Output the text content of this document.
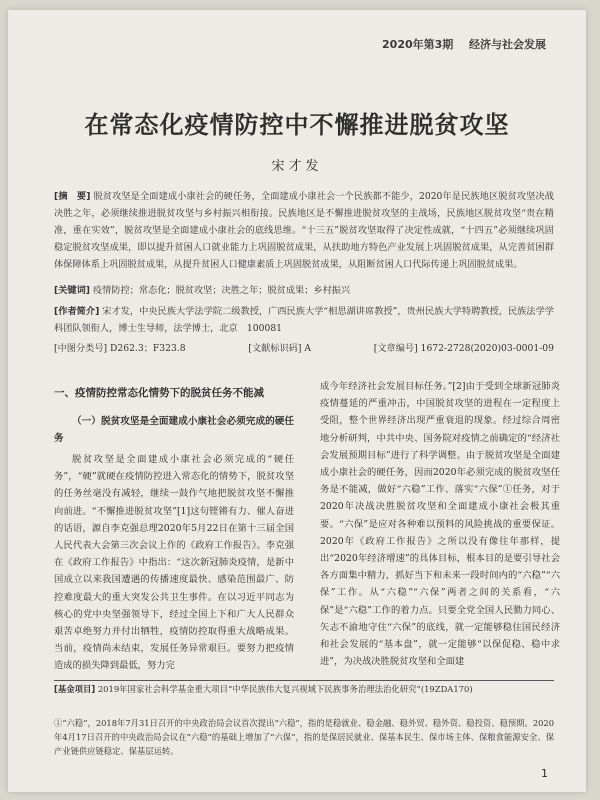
2020年第3期 经济与社会发展
在常态化疫情防控中不懈推进脱贫攻坚
宋才发
[摘　要] 脱贫攻坚是全面建成小康社会的硬任务，全面建成小康社会一个民族都不能少，2020年是民族地区脱贫攻坚决战决胜之年，必须继续推进脱贫攻坚与乡村振兴相衔接。民族地区是不懈推进脱贫攻坚的主战场，民族地区脱贫攻坚“贵在精准，重在实效”，脱贫攻坚是全面建成小康社会的底线思维。“十三五”脱贫攻坚取得了决定性成就，“十四五”必须继续巩固稳定脱贫攻坚成果，即以提升贫困人口就业能力上巩固脱贫成果，从扶助地方特色产业发展上巩固脱贫成果，从完善贫困群体保障体系上巩固脱贫成果，从提升贫困人口健康素质上巩固脱贫成果，从阻断贫困人口代际传递上巩固脱贫成果。
[关键词] 疫情防控；常态化；脱贫攻坚；决胜之年；脱贫成果；乡村振兴
[作者简介] 宋才发，中央民族大学法学院二级教授，广西民族大学“相思湖讲席教授”，贵州民族大学特聘教授，民族法学学科团队领衔人，博士生导师，法学博士，北京　100081
[中图分类号] D262.3；F323.8	[文献标识码] A	[文章编号] 1672-2728(2020)03-0001-09
一、疫情防控常态化情势下的脱贫任务不能减
（一）脱贫攻坚是全面建成小康社会必须完成的硬任务

脱贫攻坚是全面建成小康社会必须完成的“硬任务”，“硬”就硬在疫情防控进入常态化的情势下，脱贫攻坚的任务丝毫没有减轻，继续一鼓作气地把脱贫攻坚不懈推向前进。“不懈推进脱贫攻坚”[1]这句铿锵有力、催人奋进的话语，源自李克强总理2020年5月22日在第十三届全国人民代表大会第三次会议上作的《政府工作报告》。李克强在《政府工作报告》中指出：“这次新冠肺炎疫情，是新中国成立以来我国遭遇的传播速度最快、感染范围最广、防控难度最大的重大突发公共卫生事件。在以习近平同志为核心的党中央坚强领导下，经过全国上下和广大人民群众艰苦卓绝努力并付出牺牲，疫情防控取得重大战略成果。当前，疫情尚未结束，发展任务异常艰巨。要努力把疫情造成的损失降到最低，努力完

成今年经济社会发展目标任务。”[2]由于受到全球新冠肺炎疫情蔓延的严重冲击，中国脱贫攻坚的进程在一定程度上受阻，整个世界经济出现严重衰退的现象。经过综合周密地分析研判，中共中央、国务院对疫情之前确定的“经济社会发展预期目标”进行了科学调整。由于脱贫攻坚是全面建成小康社会的硬任务，因而2020年必须完成的脱贫攻坚任务是不能减，做好“六稳”工作、落实“六保”①任务，对于2020年决战决胜脱贫攻坚和全面建成小康社会极其重要。“六保”是应对各种难以预料的风险挑战的重要保证。2020年《政府工作报告》之所以没有像往年那样，提出“2020年经济增速”的具体目标，根本目的是要引导社会各方面集中精力，抓好当下和未来一段时间内的“六稳”“六保”工作。从“六稳”“六保”两者之间的关系看，“六保”是“六稳”工作的着力点。只要全党全国人民勠力同心、矢志不渝地守住“六保”的底线，就一定能够稳住国民经济和社会发展的“基本盘”，就一定能够“以保促稳、稳中求进”，为决战决胜脱贫攻坚和全面建

[基金项目] 2019年国家社会科学基金重大项目“中华民族伟大复兴视域下民族事务治理法治化研究”(19ZDA170)
①“六稳”，2018年7月31日召开的中央政治局会议首次提出“六稳”，指的是稳就业、稳金融、稳外贸、稳外资、稳投资、稳预期。2020年4月17日召开的中央政治局会议在“六稳”的基础上增加了“六保”，指的是保居民就业、保基本民生、保市场主体、保粮食能源安全、保产业链供应链稳定、保基层运转。
1
